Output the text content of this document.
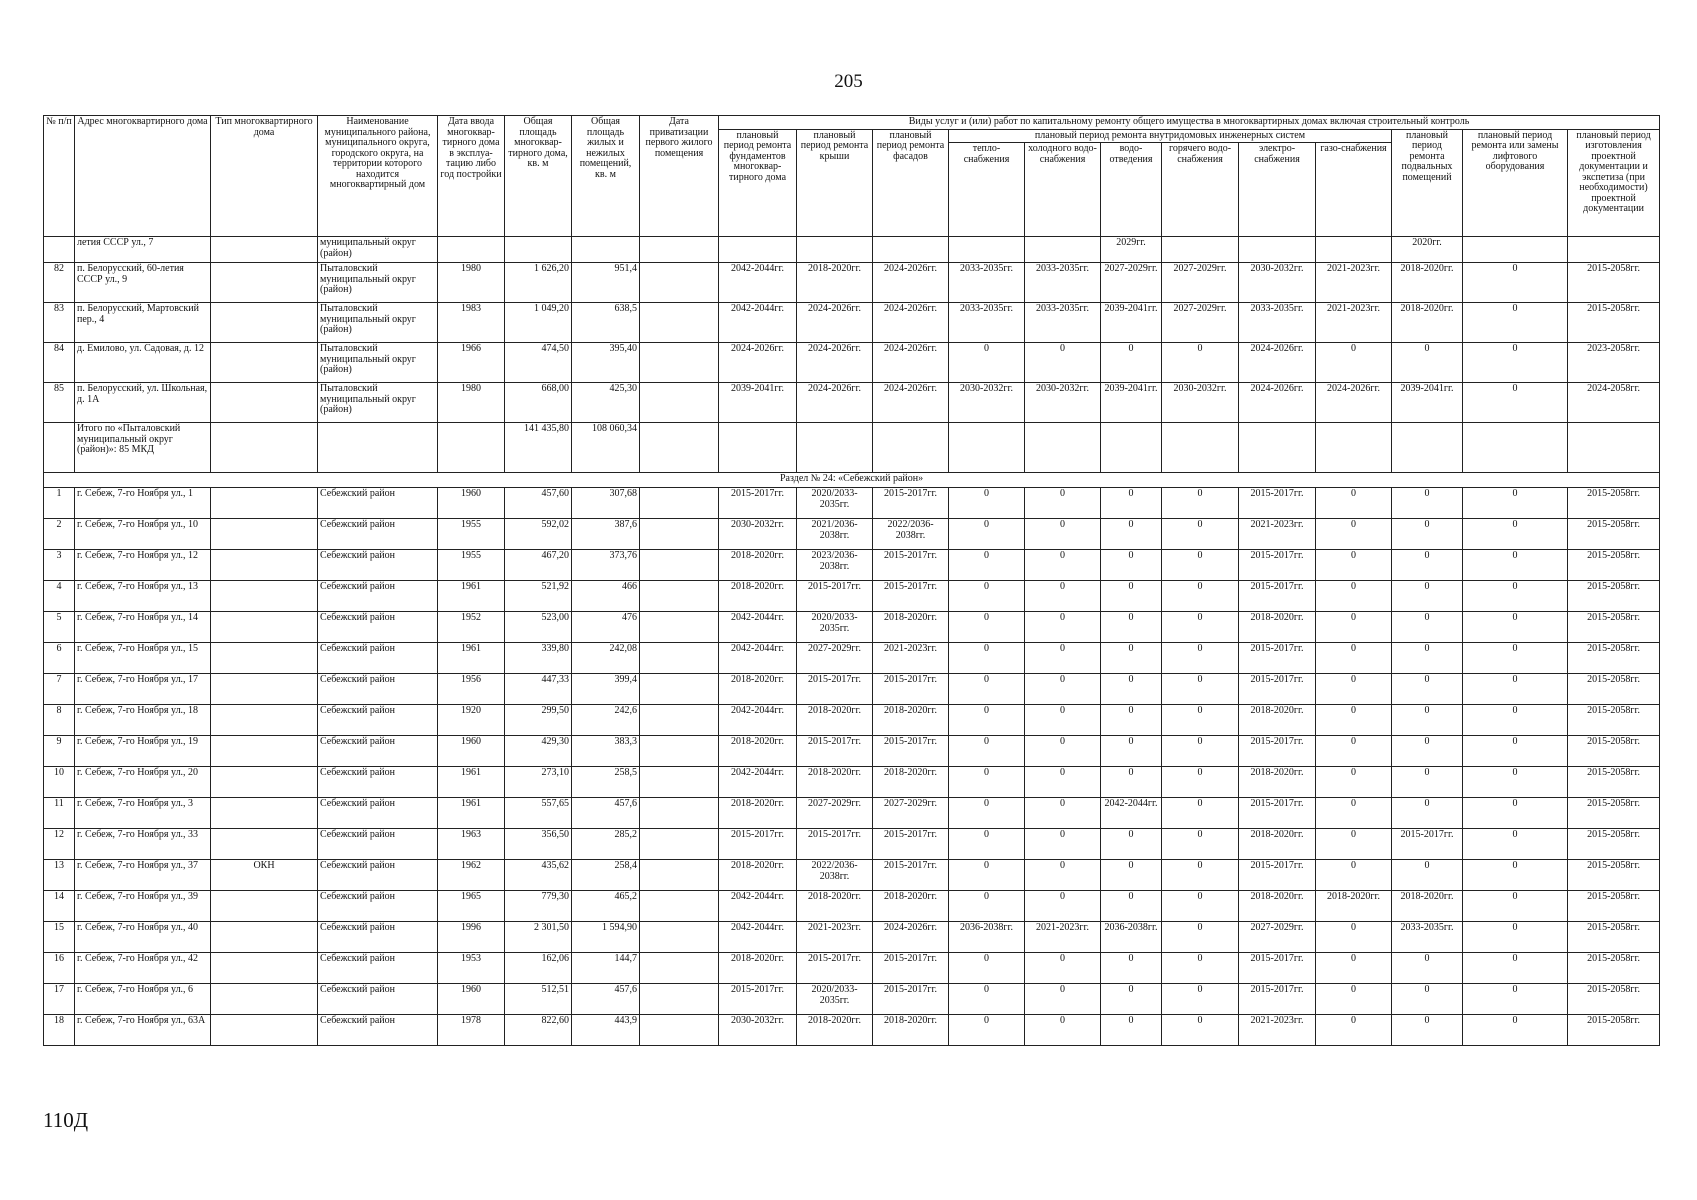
205
№ п/п	Адрес многоквартирного дома	Тип многоквартирного дома	Наименование муниципального района, муниципального округа, городского округа, на территории которого находится многоквартирный дом	Дата ввода многоквар-тирного дома в эксплуа-тацию либо год постройки	Общая площадь многоквар-тирного дома, кв. м	Общая площадь жилых и нежилых помещений, кв. м	Дата приватизации первого жилого помещения	Виды услуг и (или) работ по капитальному ремонту общего имущества в многоквартирных домах включая строительный контроль											
								плановый период ремонта фундаментов многоквар-тирного дома	плановый период ремонта крыши	плановый период ремонта фасадов	плановый период ремонта внутридомовых инженерных систем						плановый период ремонта подвальных помещений	плановый период ремонта или замены лифтового оборудования	плановый период изготовления проектной документации и экспетиза (при необходимости) проектной документации
											тепло-снабжения	холодного водо-снабжения	водо-отведения	горячего водо-снабжения	электро-снабжения	газо-снабжения			
	летия СССР ул., 7		муниципальный округ (район)										2029гг.				2020гг.		
82	п. Белорусский, 60-летия СССР ул., 9		Пыталовский муниципальный округ (район)	1980	1 626,20	951,4		2042-2044гг.	2018-2020гг.	2024-2026гг.	2033-2035гг.	2033-2035гг.	2027-2029гг.	2027-2029гг.	2030-2032гг.	2021-2023гг.	2018-2020гг.	0	2015-2058гг.
83	п. Белорусский, Мартовский пер., 4		Пыталовский муниципальный округ (район)	1983	1 049,20	638,5		2042-2044гг.	2024-2026гг.	2024-2026гг.	2033-2035гг.	2033-2035гг.	2039-2041гг.	2027-2029гг.	2033-2035гг.	2021-2023гг.	2018-2020гг.	0	2015-2058гг.
84	д. Емилово, ул. Садовая, д. 12		Пыталовский муниципальный округ (район)	1966	474,50	395,40		2024-2026гг.	2024-2026гг.	2024-2026гг.	0	0	0	0	2024-2026гг.	0	0	0	2023-2058гг.
85	п. Белорусский, ул. Школьная, д. 1А		Пыталовский муниципальный округ (район)	1980	668,00	425,30		2039-2041гг.	2024-2026гг.	2024-2026гг.	2030-2032гг.	2030-2032гг.	2039-2041гг.	2030-2032гг.	2024-2026гг.	2024-2026гг.	2039-2041гг.	0	2024-2058гг.
	Итого по «Пыталовский муниципальный округ (район)»: 85 МКД				141 435,80	108 060,34													
Раздел № 24: «Себежский район»																			
1	г. Себеж, 7-го Ноября ул., 1		Себежский район	1960	457,60	307,68		2015-2017гг.	2020/2033-2035гг.	2015-2017гг.	0	0	0	0	2015-2017гг.	0	0	0	2015-2058гг.
2	г. Себеж, 7-го Ноября ул., 10		Себежский район	1955	592,02	387,6		2030-2032гг.	2021/2036-2038гг.	2022/2036-2038гг.	0	0	0	0	2021-2023гг.	0	0	0	2015-2058гг.
3	г. Себеж, 7-го Ноября ул., 12		Себежский район	1955	467,20	373,76		2018-2020гг.	2023/2036-2038гг.	2015-2017гг.	0	0	0	0	2015-2017гг.	0	0	0	2015-2058гг.
4	г. Себеж, 7-го Ноября ул., 13		Себежский район	1961	521,92	466		2018-2020гг.	2015-2017гг.	2015-2017гг.	0	0	0	0	2015-2017гг.	0	0	0	2015-2058гг.
5	г. Себеж, 7-го Ноября ул., 14		Себежский район	1952	523,00	476		2042-2044гг.	2020/2033-2035гг.	2018-2020гг.	0	0	0	0	2018-2020гг.	0	0	0	2015-2058гг.
6	г. Себеж, 7-го Ноября ул., 15		Себежский район	1961	339,80	242,08		2042-2044гг.	2027-2029гг.	2021-2023гг.	0	0	0	0	2015-2017гг.	0	0	0	2015-2058гг.
7	г. Себеж, 7-го Ноября ул., 17		Себежский район	1956	447,33	399,4		2018-2020гг.	2015-2017гг.	2015-2017гг.	0	0	0	0	2015-2017гг.	0	0	0	2015-2058гг.
8	г. Себеж, 7-го Ноября ул., 18		Себежский район	1920	299,50	242,6		2042-2044гг.	2018-2020гг.	2018-2020гг.	0	0	0	0	2018-2020гг.	0	0	0	2015-2058гг.
9	г. Себеж, 7-го Ноября ул., 19		Себежский район	1960	429,30	383,3		2018-2020гг.	2015-2017гг.	2015-2017гг.	0	0	0	0	2015-2017гг.	0	0	0	2015-2058гг.
10	г. Себеж, 7-го Ноября ул., 20		Себежский район	1961	273,10	258,5		2042-2044гг.	2018-2020гг.	2018-2020гг.	0	0	0	0	2018-2020гг.	0	0	0	2015-2058гг.
11	г. Себеж, 7-го Ноября ул., 3		Себежский район	1961	557,65	457,6		2018-2020гг.	2027-2029гг.	2027-2029гг.	0	0	2042-2044гг.	0	2015-2017гг.	0	0	0	2015-2058гг.
12	г. Себеж, 7-го Ноября ул., 33		Себежский район	1963	356,50	285,2		2015-2017гг.	2015-2017гг.	2015-2017гг.	0	0	0	0	2018-2020гг.	0	2015-2017гг.	0	2015-2058гг.
13	г. Себеж, 7-го Ноября ул., 37	ОКН	Себежский район	1962	435,62	258,4		2018-2020гг.	2022/2036-2038гг.	2015-2017гг.	0	0	0	0	2015-2017гг.	0	0	0	2015-2058гг.
14	г. Себеж, 7-го Ноября ул., 39		Себежский район	1965	779,30	465,2		2042-2044гг.	2018-2020гг.	2018-2020гг.	0	0	0	0	2018-2020гг.	2018-2020гг.	2018-2020гг.	0	2015-2058гг.
15	г. Себеж, 7-го Ноября ул., 40		Себежский район	1996	2 301,50	1 594,90		2042-2044гг.	2021-2023гг.	2024-2026гг.	2036-2038гг.	2021-2023гг.	2036-2038гг.	0	2027-2029гг.	0	2033-2035гг.	0	2015-2058гг.
16	г. Себеж, 7-го Ноября ул., 42		Себежский район	1953	162,06	144,7		2018-2020гг.	2015-2017гг.	2015-2017гг.	0	0	0	0	2015-2017гг.	0	0	0	2015-2058гг.
17	г. Себеж, 7-го Ноября ул., 6		Себежский район	1960	512,51	457,6		2015-2017гг.	2020/2033-2035гг.	2015-2017гг.	0	0	0	0	2015-2017гг.	0	0	0	2015-2058гг.
18	г. Себеж, 7-го Ноября ул., 63А		Себежский район	1978	822,60	443,9		2030-2032гг.	2018-2020гг.	2018-2020гг.	0	0	0	0	2021-2023гг.	0	0	0	2015-2058гг.
110Д
